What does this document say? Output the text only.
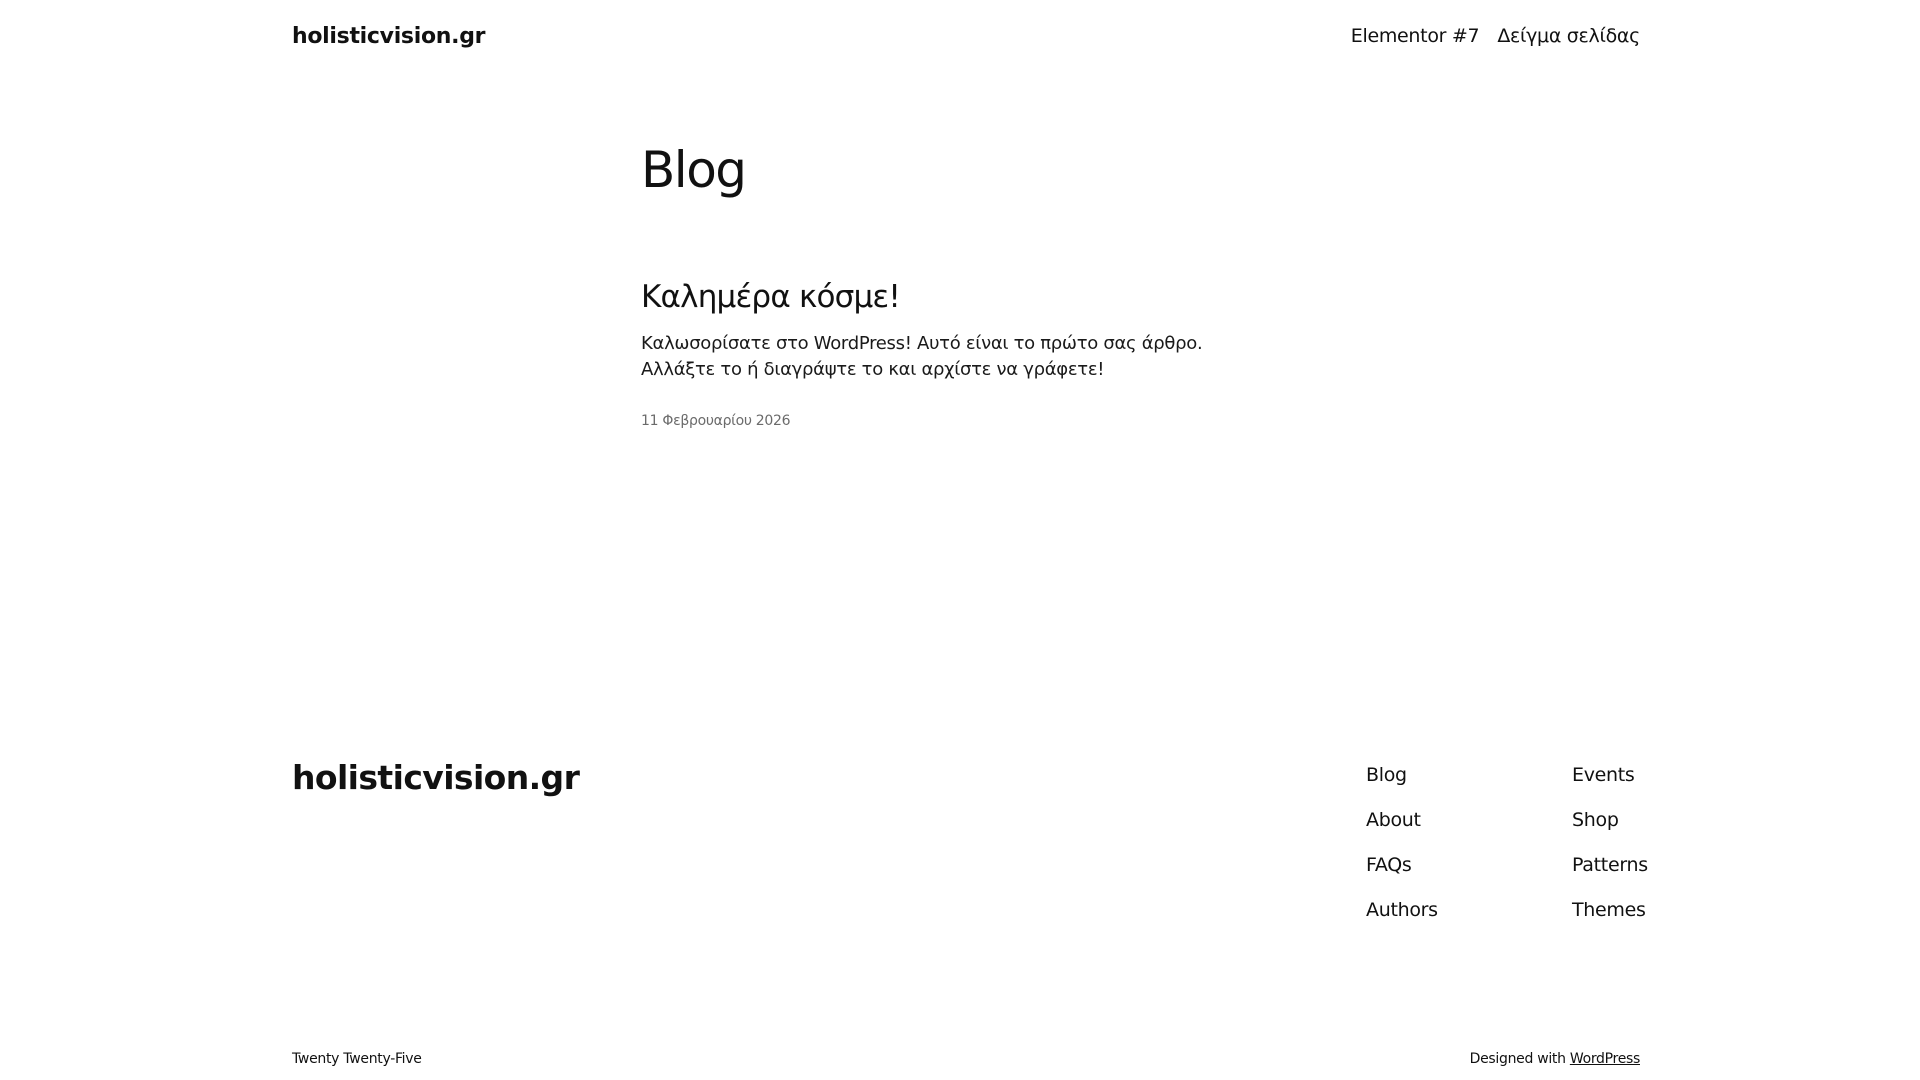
holisticvision.gr	Elementor #7 Δείγμα σελίδας
Blog
Καλημέρα κόσμε!

Καλωσορίσατε στο WordPress! Αυτό είναι το πρώτο σας άρθρο. Αλλάξτε το ή διαγράψτε το και αρχίστε να γράφετε!

11 Φεβρουαρίου 2026
holisticvision.gr	Blog
About
FAQs
Authors
Events
Shop
Patterns
Themes
Twenty Twenty-Five	Designed with WordPress
